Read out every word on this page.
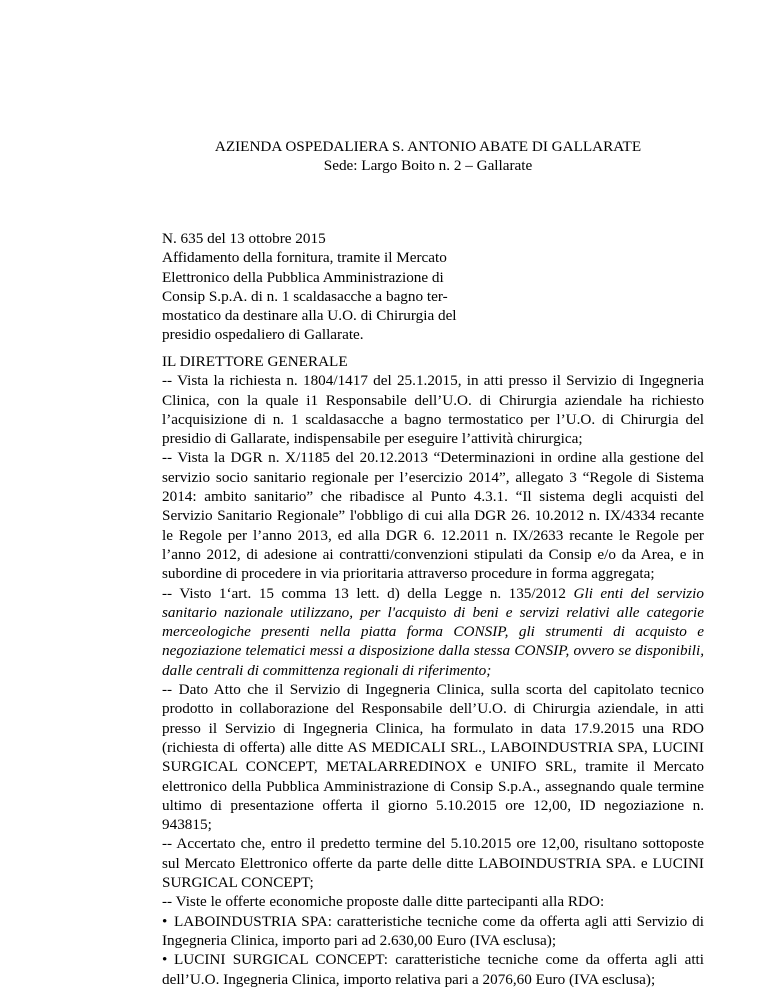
AZIENDA OSPEDALIERA S. ANTONIO ABATE DI GALLARATE
Sede: Largo Boito n. 2 – Gallarate
N. 635 del 13 ottobre 2015
Affidamento della fornitura, tramite il Mercato
Elettronico della Pubblica Amministrazione di
Consip S.p.A. di n. 1 scaldasacche a bagno ter-
mostatico da destinare alla U.O. di Chirurgia del
presidio ospedaliero di Gallarate.

IL DIRETTORE GENERALE

-- Vista la richiesta n. 1804/1417 del 25.1.2015, in atti presso il Servizio di Ingegneria Clinica, con la quale i1 Responsabile dell’U.O. di Chirurgia aziendale ha richiesto l’acquisizione di n. 1 scaldasacche a bagno termostatico per l’U.O. di Chirurgia del presidio di Gallarate, indispensabile per eseguire l’attività chirurgica;

-- Vista la DGR n. X/1185 del 20.12.2013 “Determinazioni in ordine alla gestione del servizio socio sanitario regionale per l’esercizio 2014”, allegato 3 “Regole di Sistema 2014: ambito sanitario” che ribadisce al Punto 4.3.1. “Il sistema degli acquisti del Servizio Sanitario Regionale” l'obbligo di cui alla DGR 26. 10.2012 n. IX/4334 recante le Regole per l’anno 2013, ed alla DGR 6. 12.2011 n. IX/2633 recante le Regole per l’anno 2012, di adesione ai contratti/convenzioni stipulati da Consip e/o da Area, e in subordine di procedere in via prioritaria attraverso procedure in forma aggregata;

-- Visto 1‘art. 15 comma 13 lett. d) della Legge n. 135/2012 Gli enti del servizio sanitario nazionale utilizzano, per l'acquisto di beni e servizi relativi alle categorie merceologiche presenti nella piatta forma CONSIP, gli strumenti di acquisto e negoziazione telematici messi a disposizione dalla stessa CONSIP, ovvero se disponibili, dalle centrali di committenza regionali di riferimento;

-- Dato Atto che il Servizio di Ingegneria Clinica, sulla scorta del capitolato tecnico prodotto in collaborazione del Responsabile dell’U.O. di Chirurgia aziendale, in atti presso il Servizio di Ingegneria Clinica, ha formulato in data 17.9.2015 una RDO (richiesta di offerta) alle ditte AS MEDICALI SRL., LABOINDUSTRIA SPA, LUCINI SURGICAL CONCEPT, METALARREDINOX e UNIFO SRL, tramite il Mercato elettronico della Pubblica Amministrazione di Consip S.p.A., assegnando quale termine ultimo di presentazione offerta il giorno 5.10.2015 ore 12,00, ID negoziazione n. 943815;

-- Accertato che, entro il predetto termine del 5.10.2015 ore 12,00, risultano sottoposte sul Mercato Elettronico offerte da parte delle ditte LABOINDUSTRIA SPA. e LUCINI SURGICAL CONCEPT;

-- Viste le offerte economiche proposte dalle ditte partecipanti alla RDO:

• LABOINDUSTRIA SPA: caratteristiche tecniche come da offerta agli atti Servizio di Ingegneria Clinica, importo pari ad 2.630,00 Euro (IVA esclusa);

• LUCINI SURGICAL CONCEPT: caratteristiche tecniche come da offerta agli atti dell’U.O. Ingegneria Clinica, importo relativa pari a 2076,60 Euro (IVA esclusa);
